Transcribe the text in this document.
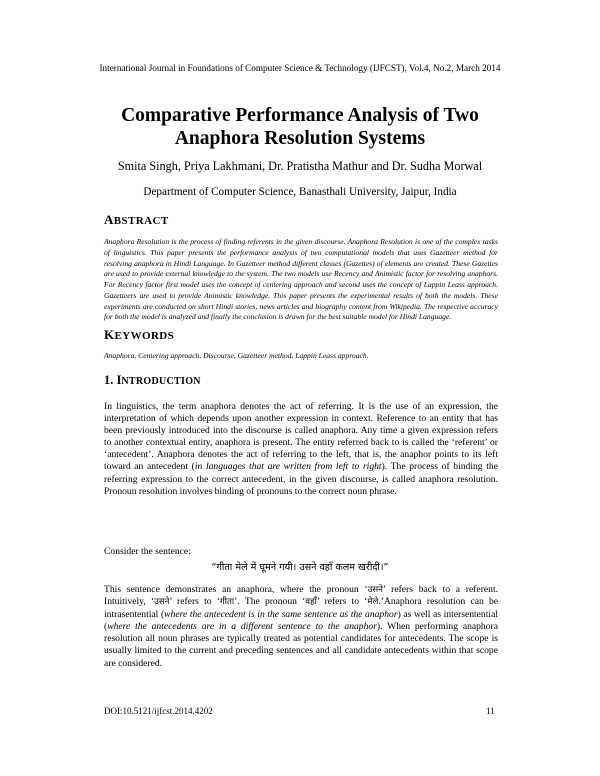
International Journal in Foundations of Computer Science & Technology (IJFCST), Vol.4, No.2, March 2014
Comparative Performance Analysis of Two
Anaphora Resolution Systems
Smita Singh, Priya Lakhmani, Dr. Pratistha Mathur and Dr. Sudha Morwal
Department of Computer Science, Banasthali University, Jaipur, India
ABSTRACT

Anaphora Resolution is the process of finding referents in the given discourse. Anaphora Resolution is one of the complex tasks of linguistics. This paper presents the performance analysis of two computational models that uses Gazetteer method for resolving anaphora in Hindi Language. In Gazetteer method different classes (Gazettes) of elements are created. These Gazettes are used to provide external knowledge to the system. The two models use Recency and Animistic factor for resolving anaphors. For Recency factor first model uses the concept of centering approach and second uses the concept of Lappin Leass approach. Gazetteers are used to provide Animistic knowledge. This paper presents the experimental results of both the models. These experiments are conducted on short Hindi stories, news articles and biography content from Wikipedia. The respective accuracy for both the model is analyzed and finally the conclusion is drawn for the best suitable model for Hindi Language.

KEYWORDS

Anaphora, Centering approach, Discourse, Gazetteer method, Lappin Leass approach.

1. INTRODUCTION

In linguistics, the term anaphora denotes the act of referring. It is the use of an expression, the interpretation of which depends upon another expression in context. Reference to an entity that has been previously introduced into the discourse is called anaphora. Any time a given expression refers to another contextual entity, anaphora is present. The entity referred back to is called the ‘referent’ or ‘antecedent’. Anaphora denotes the act of referring to the left, that is, the anaphor points to its left toward an antecedent (in languages that are written from left to right). The process of binding the referring expression to the correct antecedent, in the given discourse, is called anaphora resolution. Pronoun resolution involves binding of pronouns to the correct noun phrase.

Consider the sentence:

“गीता मेले में घूमने गयी। उसने वहाँ कलम खरीदी।”

This sentence demonstrates an anaphora, where the pronoun ‘उसने’ refers back to a referent. Intuitively, ‘उसने’ refers to ‘गीता’. The pronoun ‘वहाँ’ refers to ‘मेले.’Anaphora resolution can be intrasentential (where the antecedent is in the same sentence as the anaphor) as well as intersentential (where the antecedents are in a different sentence to the anaphor). When performing anaphora resolution all noun phrases are typically treated as potential candidates for antecedents. The scope is usually limited to the current and preceding sentences and all candidate antecedents within that scope are considered.

DOI:10.5121/ijfcst.2014.4202	11
